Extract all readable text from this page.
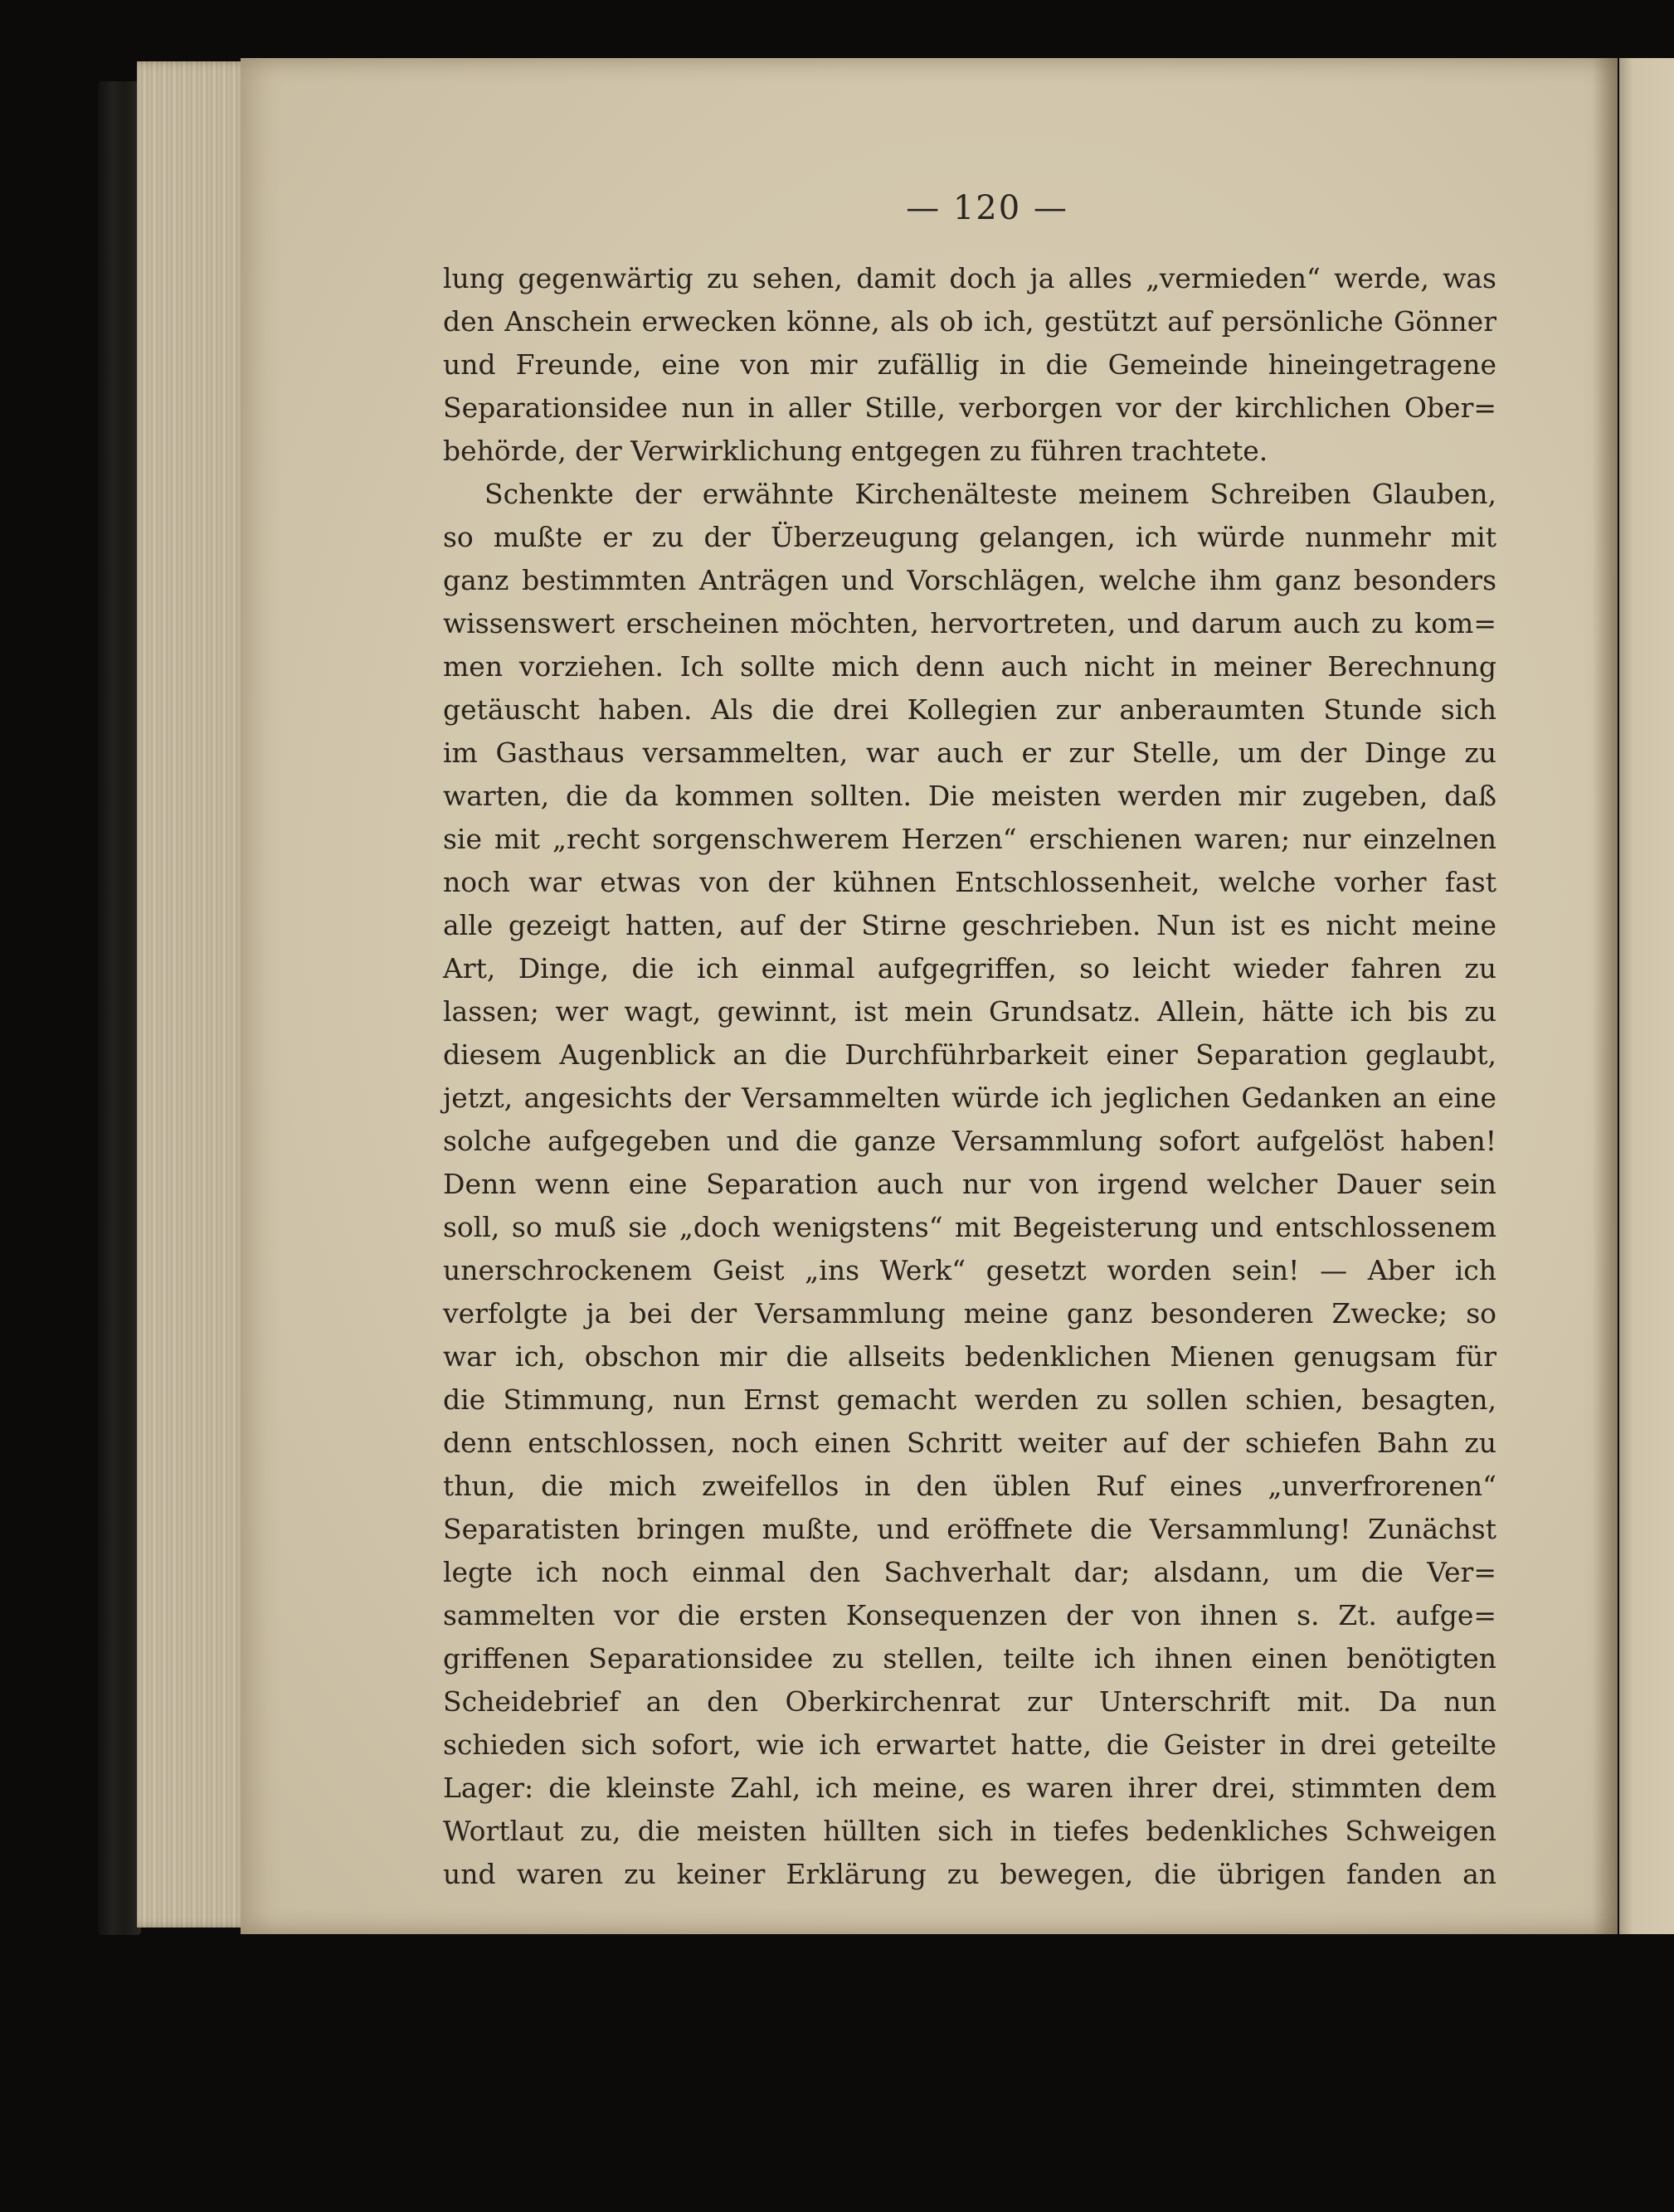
— 120 —
lung gegenwärtig zu sehen, damit doch ja alles „vermieden“ werde, was
den Anschein erwecken könne, als ob ich, gestützt auf persönliche Gönner
und Freunde, eine von mir zufällig in die Gemeinde hineingetragene
Separationsidee nun in aller Stille, verborgen vor der kirchlichen Ober=
behörde, der Verwirklichung entgegen zu führen trachtete.
Schenkte der erwähnte Kirchenälteste meinem Schreiben Glauben,
so mußte er zu der Überzeugung gelangen, ich würde nunmehr mit
ganz bestimmten Anträgen und Vorschlägen, welche ihm ganz besonders
wissenswert erscheinen möchten, hervortreten, und darum auch zu kom=
men vorziehen. Ich sollte mich denn auch nicht in meiner Berechnung
getäuscht haben. Als die drei Kollegien zur anberaumten Stunde sich
im Gasthaus versammelten, war auch er zur Stelle, um der Dinge zu
warten, die da kommen sollten. Die meisten werden mir zugeben, daß
sie mit „recht sorgenschwerem Herzen“ erschienen waren; nur einzelnen
noch war etwas von der kühnen Entschlossenheit, welche vorher fast
alle gezeigt hatten, auf der Stirne geschrieben. Nun ist es nicht meine
Art, Dinge, die ich einmal aufgegriffen, so leicht wieder fahren zu
lassen; wer wagt, gewinnt, ist mein Grundsatz. Allein, hätte ich bis zu
diesem Augenblick an die Durchführbarkeit einer Separation geglaubt,
jetzt, angesichts der Versammelten würde ich jeglichen Gedanken an eine
solche aufgegeben und die ganze Versammlung sofort aufgelöst haben!
Denn wenn eine Separation auch nur von irgend welcher Dauer sein
soll, so muß sie „doch wenigstens“ mit Begeisterung und entschlossenem
unerschrockenem Geist „ins Werk“ gesetzt worden sein! — Aber ich
verfolgte ja bei der Versammlung meine ganz besonderen Zwecke; so
war ich, obschon mir die allseits bedenklichen Mienen genugsam für
die Stimmung, nun Ernst gemacht werden zu sollen schien, besagten,
denn entschlossen, noch einen Schritt weiter auf der schiefen Bahn zu
thun, die mich zweifellos in den üblen Ruf eines „unverfrorenen“
Separatisten bringen mußte, und eröffnete die Versammlung! Zunächst
legte ich noch einmal den Sachverhalt dar; alsdann, um die Ver=
sammelten vor die ersten Konsequenzen der von ihnen s. Zt. aufge=
griffenen Separationsidee zu stellen, teilte ich ihnen einen benötigten
Scheidebrief an den Oberkirchenrat zur Unterschrift mit. Da nun
schieden sich sofort, wie ich erwartet hatte, die Geister in drei geteilte
Lager: die kleinste Zahl, ich meine, es waren ihrer drei, stimmten dem
Wortlaut zu, die meisten hüllten sich in tiefes bedenkliches Schweigen
und waren zu keiner Erklärung zu bewegen, die übrigen fanden an
